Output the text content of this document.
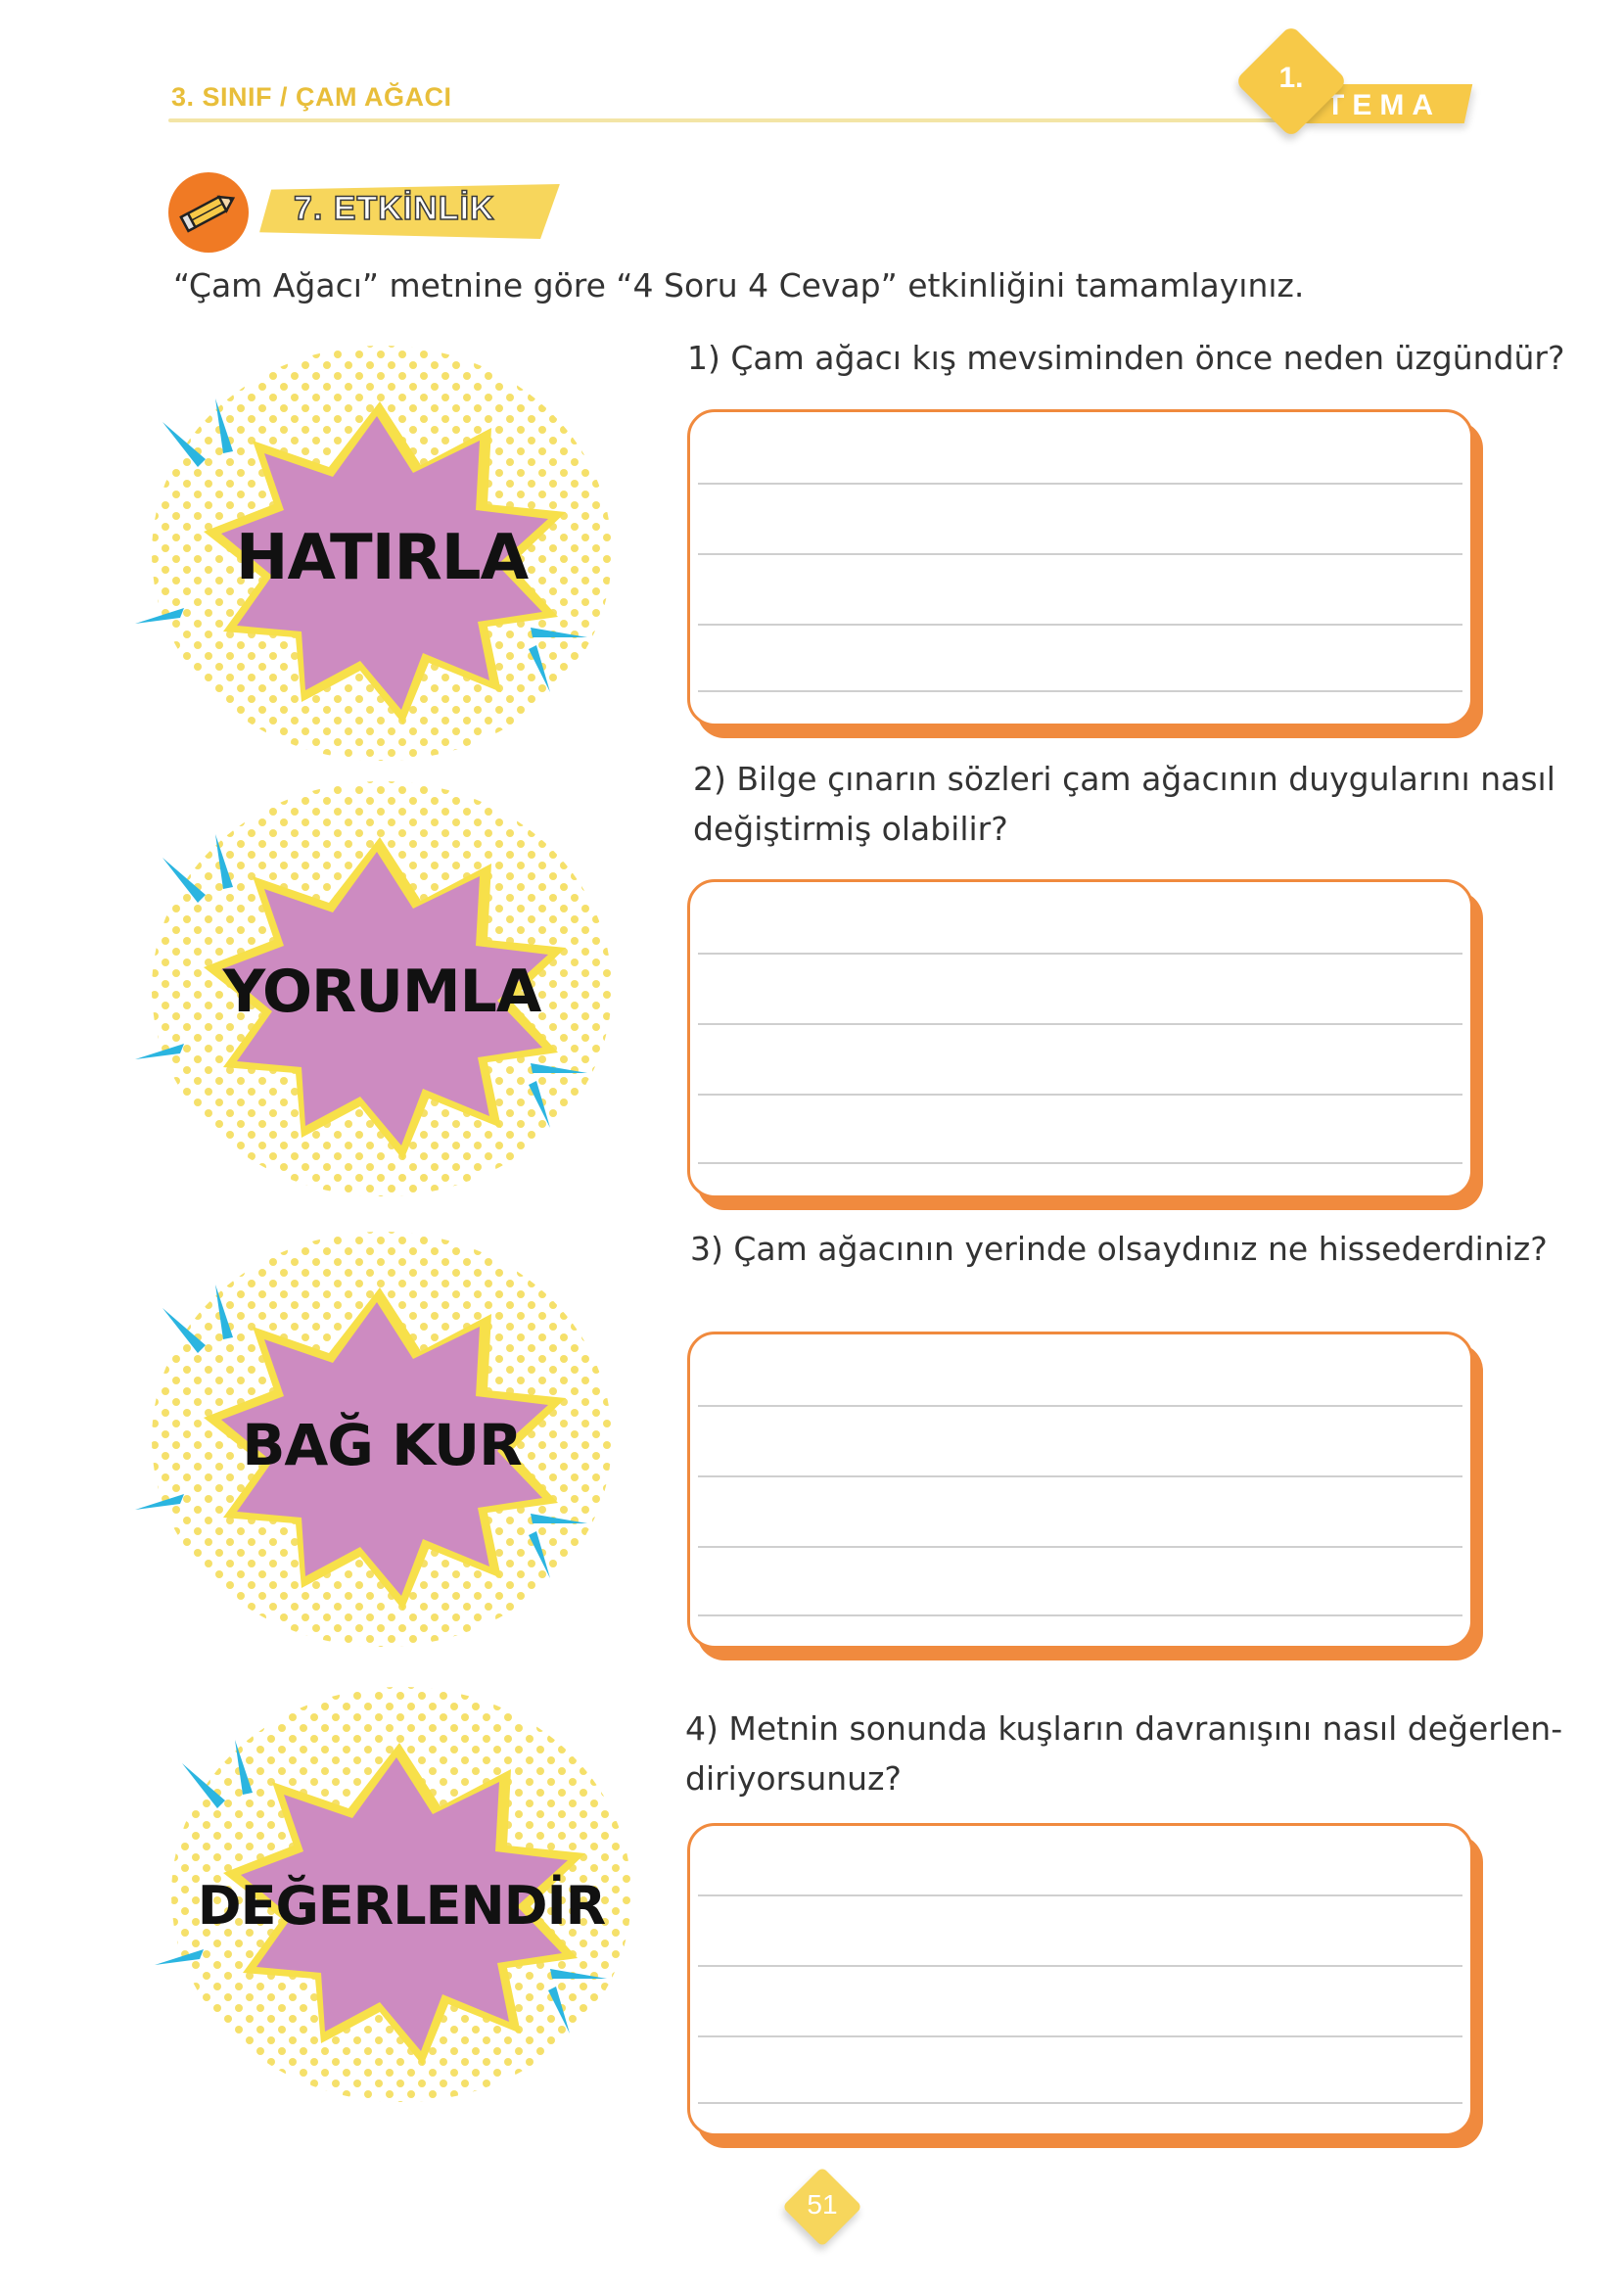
3. SINIF / ÇAM AĞACI	TEMA
1.
7. ETKİNLİK
“Çam Ağacı” metnine göre “4 Soru 4 Cevap” etkinliğini tamamlayınız.
HATIRLA
YORUMLA
BAĞ KUR
DEĞERLENDİR
1) Çam ağacı kış mevsiminden önce neden üzgündür?
2) Bilge çınarın sözleri çam ağacının duygularını nasıl
değiştirmiş olabilir?
3) Çam ağacının yerinde olsaydınız ne hissederdiniz?
4) Metnin sonunda kuşların davranışını nasıl değerlen-
diriyorsunuz?
51
